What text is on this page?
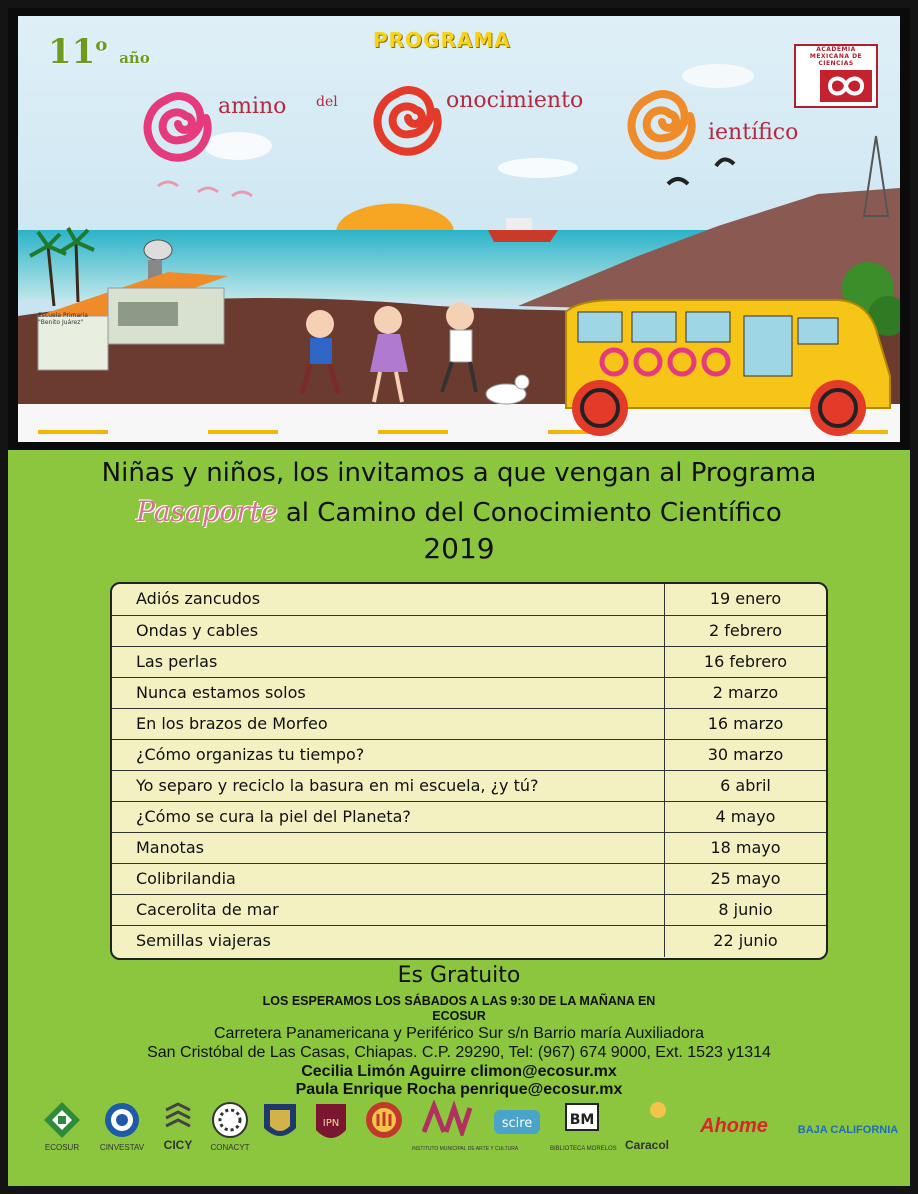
11$^o$ año
PROGRAMA
amino del	onocimiento
ientífico
ACADEMIA MEXICANA DE CIENCIAS
Escuela Primaria "Benito Juárez"
Niñas y niños, los invitamos a que vengan al Programa
Pasaporte al Camino del Conocimiento Científico
2019
Adiós zancudos	19 enero
Ondas y cables	2 febrero
Las perlas	16 febrero
Nunca estamos solos	2 marzo
En los brazos de Morfeo	16 marzo
¿Cómo organizas tu tiempo?	30 marzo
Yo separo y reciclo la basura en mi escuela, ¿y tú?	6 abril
¿Cómo se cura la piel del Planeta?	4 mayo
Manotas	18 mayo
Colibrilandia	25 mayo
Cacerolita de mar	8 junio
Semillas viajeras	22 junio
Es Gratuito
LOS ESPERAMOS LOS SÁBADOS A LAS 9:30 DE LA MAÑANA EN
ECOSUR
Carretera Panamericana y Periférico Sur s/n Barrio maría Auxiliadora
San Cristóbal de Las Casas, Chiapas. C.P. 29290, Tel: (967) 674 9000, Ext. 1523 y1314
Cecilia Limón Aguirre climon@ecosur.mx
Paula Enrique Rocha penrique@ecosur.mx
ECOSUR	CINVESTAV	CICY	CONACYT
IPN
INSTITUTO MUNICIPAL DE ARTE Y CULTURA
scire	BM
BIBLIOTECA MORELOS Caracol
Ahome	BAJA CALIFORNIA
